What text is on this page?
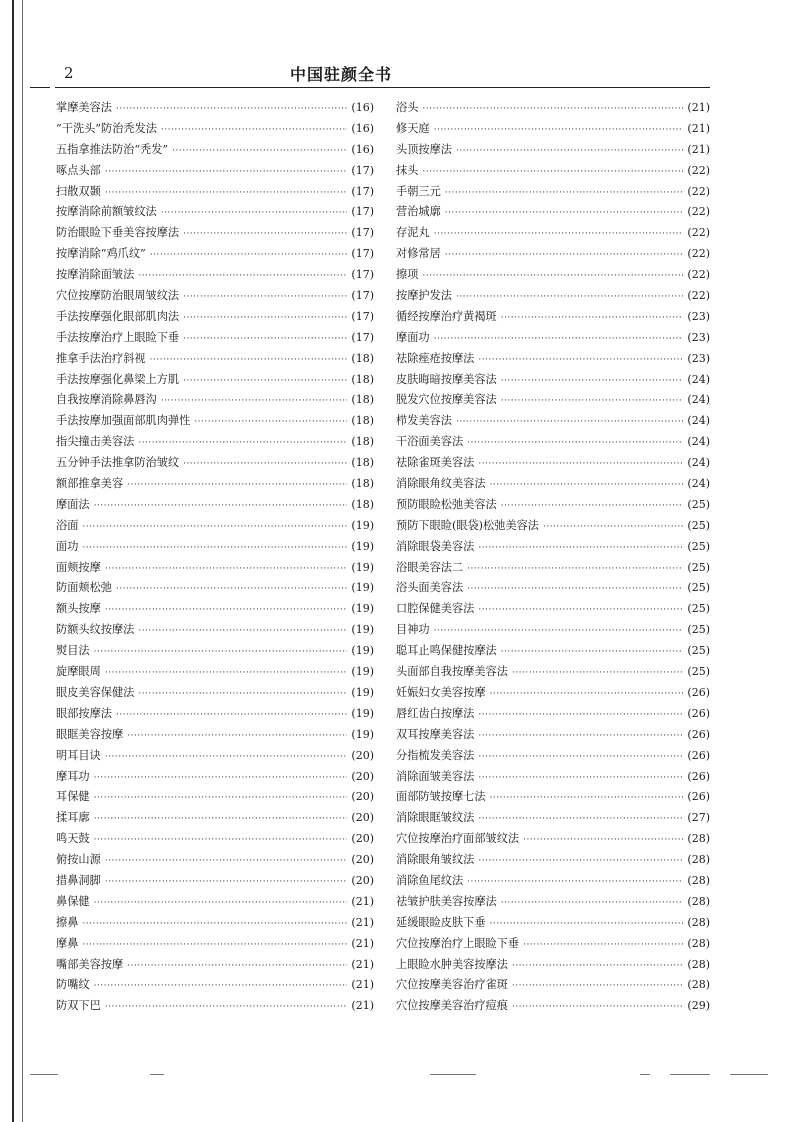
2	中国驻颜全书
掌摩美容法 ·····	(16)
“干洗头”防治秃发法 ·····	(16)
五指拿推法防治“秃发” ·····	(16)
啄点头部 ·····	(17)
扫散双颞 ·····	(17)
按摩消除前额皱纹法 ·····	(17)
防治眼睑下垂美容按摩法 ·····	(17)
按摩消除“鸡爪纹” ·····	(17)
按摩消除面皱法 ·····	(17)
穴位按摩防治眼周皱纹法 ·····	(17)
手法按摩强化眼部肌肉法 ·····	(17)
手法按摩治疗上眼睑下垂 ·····	(17)
推拿手法治疗斜视 ·····	(18)
手法按摩强化鼻梁上方肌 ·····	(18)
自我按摩消除鼻唇沟 ·····	(18)
手法按摩加强面部肌肉弹性 ·····	(18)
指尖撞击美容法 ·····	(18)
五分钟手法推拿防治皱纹 ·····	(18)
额部推拿美容 ·····	(18)
摩面法 ·····	(18)
浴面 ·····	(19)
面功 ·····	(19)
面颊按摩 ·····	(19)
防面颊松弛 ·····	(19)
额头按摩 ·····	(19)
防额头纹按摩法 ·····	(19)
熨目法 ·····	(19)
旋摩眼周 ·····	(19)
眼皮美容保健法 ·····	(19)
眼部按摩法 ·····	(19)
眼眶美容按摩 ·····	(19)
明耳目诀 ·····	(20)
摩耳功 ·····	(20)
耳保健 ·····	(20)
揉耳廓 ·····	(20)
鸣天鼓 ·····	(20)
俯按山源 ·····	(20)
措鼻洞脚 ·····	(20)
鼻保健 ·····	(21)
擦鼻 ·····	(21)
摩鼻 ·····	(21)
嘴部美容按摩 ·····	(21)
防嘴纹 ·····	(21)
防双下巴 ·····	(21)
浴头 ·····	(21)
修天庭 ·····	(21)
头顶按摩法 ·····	(21)
抹头 ·····	(22)
手朝三元 ·····	(22)
营治城廓 ·····	(22)
存泥丸 ·····	(22)
对修常居 ·····	(22)
擦项 ·····	(22)
按摩护发法 ·····	(22)
循经按摩治疗黄褐斑 ·····	(23)
摩面功 ·····	(23)
祛除痤疮按摩法 ·····	(23)
皮肤晦暗按摩美容法 ·····	(24)
脱发穴位按摩美容法 ·····	(24)
栉发美容法 ·····	(24)
干浴面美容法 ·····	(24)
祛除雀斑美容法 ·····	(24)
消除眼角纹美容法 ·····	(24)
预防眼睑松弛美容法 ·····	(25)
预防下眼睑(眼袋)松弛美容法 ·····	(25)
消除眼袋美容法 ·····	(25)
浴眼美容法二 ·····	(25)
浴头面美容法 ·····	(25)
口腔保健美容法 ·····	(25)
目神功 ·····	(25)
聪耳止鸣保健按摩法 ·····	(25)
头面部自我按摩美容法 ·····	(25)
妊娠妇女美容按摩 ·····	(26)
唇红齿白按摩法 ·····	(26)
双耳按摩美容法 ·····	(26)
分指梳发美容法 ·····	(26)
消除面皱美容法 ·····	(26)
面部防皱按摩七法 ·····	(26)
消除眼眶皱纹法 ·····	(27)
穴位按摩治疗面部皱纹法 ·····	(28)
消除眼角皱纹法 ·····	(28)
消除鱼尾纹法 ·····	(28)
祛皱护肤美容按摩法 ·····	(28)
延缓眼睑皮肤下垂 ·····	(28)
穴位按摩治疗上眼睑下垂 ·····	(28)
上眼睑水肿美容按摩法 ·····	(28)
穴位按摩美容治疗雀斑 ·····	(28)
穴位按摩美容治疗痘痕 ·····	(29)
